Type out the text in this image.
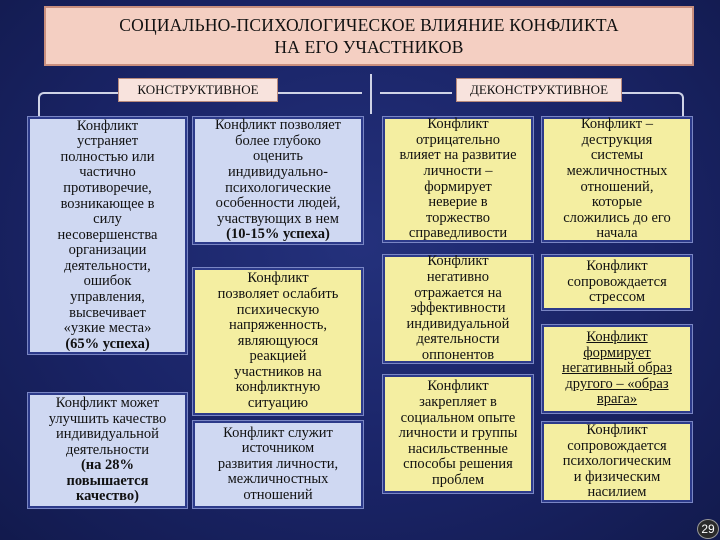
СОЦИАЛЬНО-ПСИХОЛОГИЧЕСКОЕ ВЛИЯНИЕ КОНФЛИКТА
НА ЕГО УЧАСТНИКОВ
КОНСТРУКТИВНОЕ	ДЕКОНСТРУКТИВНОЕ
Конфликт
устраняет
полностью или
частично
противоречие,
возникающее в
силу
несовершенства
организации
деятельности,
ошибок
управления,
высвечивает
«узкие места»
(65% успеха)
Конфликт может
улучшить качество
индивидуальной
деятельности
(на 28%
повышается
качество)
Конфликт позволяет
более глубоко
оценить
индивидуально-
психологические
особенности людей,
участвующих в нем
(10-15% успеха)
Конфликт
позволяет ослабить
психическую
напряженность,
являющуюся
реакцией
участников на
конфликтную
ситуацию
Конфликт служит
источником
развития личности,
межличностных
отношений
Конфликт
отрицательно
влияет на развитие
личности –
формирует
неверие в
торжество
справедливости
Конфликт
негативно
отражается на
эффективности
индивидуальной
деятельности
оппонентов
Конфликт
закрепляет в
социальном опыте
личности и группы
насильственные
способы решения
проблем
Конфликт –
деструкция
системы
межличностных
отношений,
которые
сложились до его
начала
Конфликт
сопровождается
стрессом
Конфликт
формирует
негативный образ
другого – «образ
врага»
Конфликт
сопровождается
психологическим
и физическим
насилием
29
